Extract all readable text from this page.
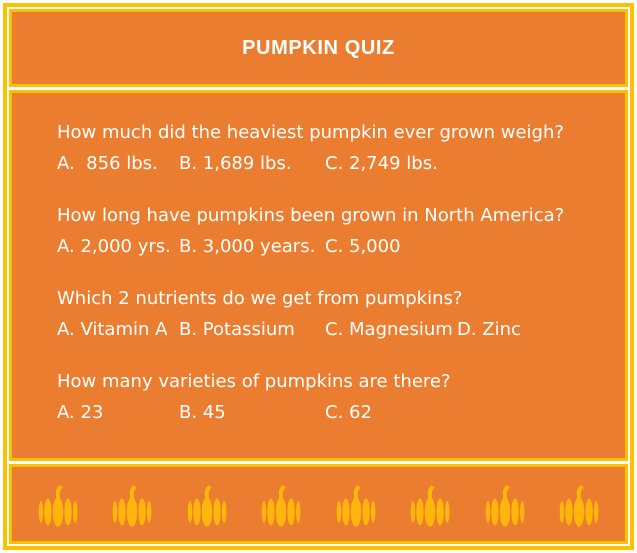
PUMPKIN QUIZ
How much did the heaviest pumpkin ever grown weigh?
A.  856 lbs.	B. 1,689 lbs.	C. 2,749 lbs.
How long have pumpkins been grown in North America?
A. 2,000 yrs. B. 3,000 years. C. 5,000
Which 2 nutrients do we get from pumpkins?
A. Vitamin A B. Potassium	C. Magnesium D. Zinc
How many varieties of pumpkins are there?
A. 23	B. 45	C. 62
